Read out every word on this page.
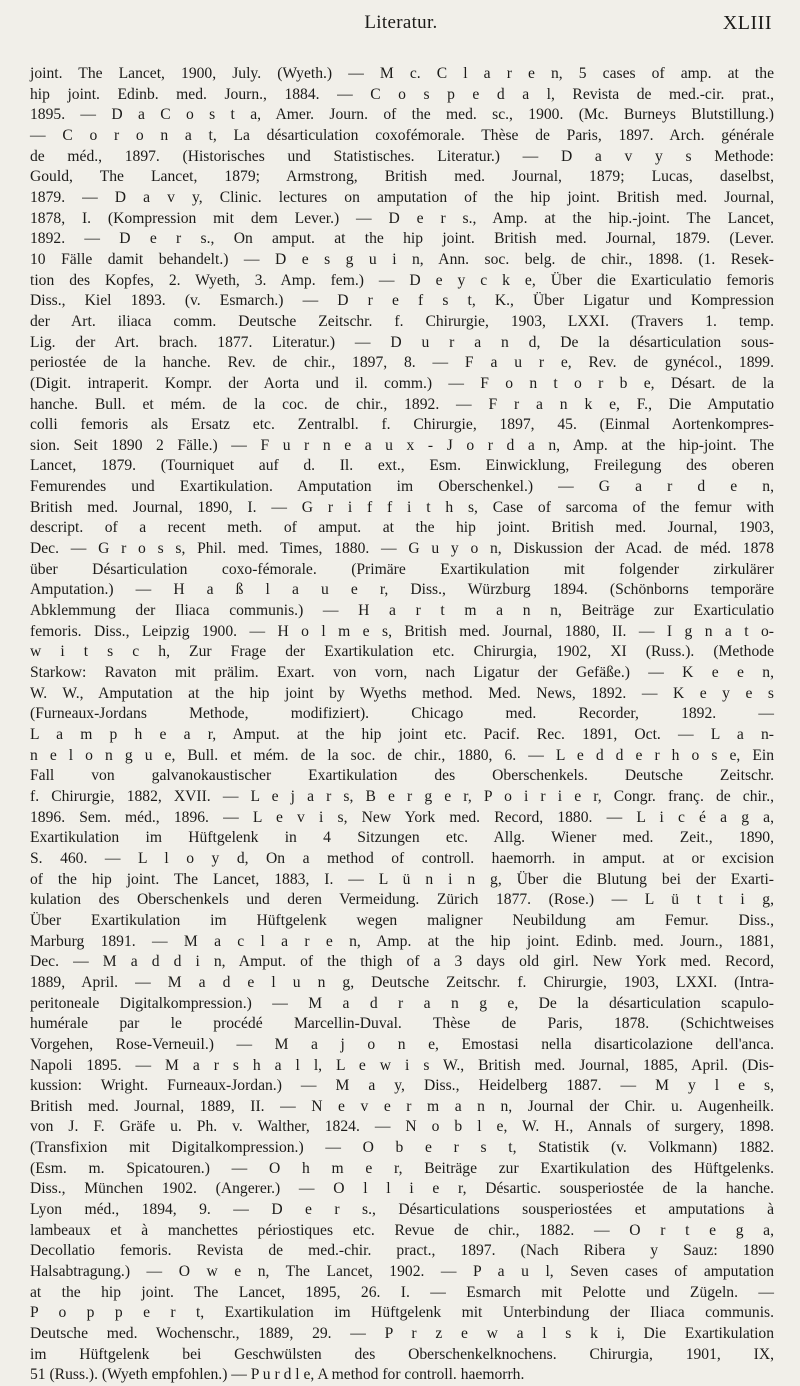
Literatur.	XLIII
joint. The Lancet, 1900, July. (Wyeth.) — M c. C l a r e n, 5 cases of amp. at the
hip joint. Edinb. med. Journ., 1884. — C o s p e d a l, Revista de med.-cir. prat.,
1895. — D a C o s t a, Amer. Journ. of the med. sc., 1900. (Mc. Burneys Blutstillung.)
— C o r o n a t, La désarticulation coxofémorale. Thèse de Paris, 1897. Arch. générale
de méd., 1897. (Historisches und Statistisches. Literatur.) — D a v y s Methode:
Gould, The Lancet, 1879; Armstrong, British med. Journal, 1879; Lucas, daselbst,
1879. — D a v y, Clinic. lectures on amputation of the hip joint. British med. Journal,
1878, I. (Kompression mit dem Lever.) — D e r s., Amp. at the hip.-joint. The Lancet,
1892. — D e r s., On amput. at the hip joint. British med. Journal, 1879. (Lever.
10 Fälle damit behandelt.) — D e s g u i n, Ann. soc. belg. de chir., 1898. (1. Resek-
tion des Kopfes, 2. Wyeth, 3. Amp. fem.) — D e y c k e, Über die Exarticulatio femoris
Diss., Kiel 1893. (v. Esmarch.) — D r e f s t, K., Über Ligatur und Kompression
der Art. iliaca comm. Deutsche Zeitschr. f. Chirurgie, 1903, LXXI. (Travers 1. temp.
Lig. der Art. brach. 1877. Literatur.) — D u r a n d, De la désarticulation sous-
periostée de la hanche. Rev. de chir., 1897, 8. — F a u r e, Rev. de gynécol., 1899.
(Digit. intraperit. Kompr. der Aorta und il. comm.) — F o n t o r b e, Désart. de la
hanche. Bull. et mém. de la coc. de chir., 1892. — F r a n k e, F., Die Amputatio
colli femoris als Ersatz etc. Zentralbl. f. Chirurgie, 1897, 45. (Einmal Aortenkompres-
sion. Seit 1890 2 Fälle.) — F u r n e a u x - J o r d a n, Amp. at the hip-joint. The
Lancet, 1879. (Tourniquet auf d. Il. ext., Esm. Einwicklung, Freilegung des oberen
Femurendes und Exartikulation. Amputation im Oberschenkel.) — G a r d e n,
British med. Journal, 1890, I. — G r i f f i t h s, Case of sarcoma of the femur with
descript. of a recent meth. of amput. at the hip joint. British med. Journal, 1903,
Dec. — G r o s s, Phil. med. Times, 1880. — G u y o n, Diskussion der Acad. de méd. 1878
über Désarticulation coxo-fémorale. (Primäre Exartikulation mit folgender zirkulärer
Amputation.) — H a ß l a u e r, Diss., Würzburg 1894. (Schönborns temporäre
Abklemmung der Iliaca communis.) — H a r t m a n n, Beiträge zur Exarticulatio
femoris. Diss., Leipzig 1900. — H o l m e s, British med. Journal, 1880, II. — I g n a t o-
w i t s c h, Zur Frage der Exartikulation etc. Chirurgia, 1902, XI (Russ.). (Methode
Starkow: Ravaton mit prälim. Exart. von vorn, nach Ligatur der Gefäße.) — K e e n,
W. W., Amputation at the hip joint by Wyeths method. Med. News, 1892. — K e y e s
(Furneaux-Jordans Methode, modifiziert). Chicago med. Recorder, 1892. —
L a m p h e a r, Amput. at the hip joint etc. Pacif. Rec. 1891, Oct. — L a n-
n e l o n g u e, Bull. et mém. de la soc. de chir., 1880, 6. — L e d d e r h o s e, Ein
Fall von galvanokaustischer Exartikulation des Oberschenkels. Deutsche Zeitschr.
f. Chirurgie, 1882, XVII. — L e j a r s, B e r g e r, P o i r i e r, Congr. franç. de chir.,
1896. Sem. méd., 1896. — L e v i s, New York med. Record, 1880. — L i c é a g a,
Exartikulation im Hüftgelenk in 4 Sitzungen etc. Allg. Wiener med. Zeit., 1890,
S. 460. — L l o y d, On a method of controll. haemorrh. in amput. at or excision
of the hip joint. The Lancet, 1883, I. — L ü n i n g, Über die Blutung bei der Exarti-
kulation des Oberschenkels und deren Vermeidung. Zürich 1877. (Rose.) — L ü t t i g,
Über Exartikulation im Hüftgelenk wegen maligner Neubildung am Femur. Diss.,
Marburg 1891. — M a c l a r e n, Amp. at the hip joint. Edinb. med. Journ., 1881,
Dec. — M a d d i n, Amput. of the thigh of a 3 days old girl. New York med. Record,
1889, April. — M a d e l u n g, Deutsche Zeitschr. f. Chirurgie, 1903, LXXI. (Intra-
peritoneale Digitalkompression.) — M a d r a n g e, De la désarticulation scapulo-
humérale par le procédé Marcellin-Duval. Thèse de Paris, 1878. (Schichtweises
Vorgehen, Rose-Verneuil.) — M a j o n e, Emostasi nella disarticolazione dell'anca.
Napoli 1895. — M a r s h a l l, L e w i s W., British med. Journal, 1885, April. (Dis-
kussion: Wright. Furneaux-Jordan.) — M a y, Diss., Heidelberg 1887. — M y l e s,
British med. Journal, 1889, II. — N e v e r m a n n, Journal der Chir. u. Augenheilk.
von J. F. Gräfe u. Ph. v. Walther, 1824. — N o b l e, W. H., Annals of surgery, 1898.
(Transfixion mit Digitalkompression.) — O b e r s t, Statistik (v. Volkmann) 1882.
(Esm. m. Spicatouren.) — O h m e r, Beiträge zur Exartikulation des Hüftgelenks.
Diss., München 1902. (Angerer.) — O l l i e r, Désartic. sousperiostée de la hanche.
Lyon méd., 1894, 9. — D e r s., Désarticulations sousperiostées et amputations à
lambeaux et à manchettes périostiques etc. Revue de chir., 1882. — O r t e g a,
Decollatio femoris. Revista de med.-chir. pract., 1897. (Nach Ribera y Sauz: 1890
Halsabtragung.) — O w e n, The Lancet, 1902. — P a u l, Seven cases of amputation
at the hip joint. The Lancet, 1895, 26. I. — Esmarch mit Pelotte und Zügeln. —
P o p p e r t, Exartikulation im Hüftgelenk mit Unterbindung der Iliaca communis.
Deutsche med. Wochenschr., 1889, 29. — P r z e w a l s k i, Die Exartikulation
im Hüftgelenk bei Geschwülsten des Oberschenkelknochens. Chirurgia, 1901, IX,
51 (Russ.). (Wyeth empfohlen.) — P u r d l e, A method for controll. haemorrh.
